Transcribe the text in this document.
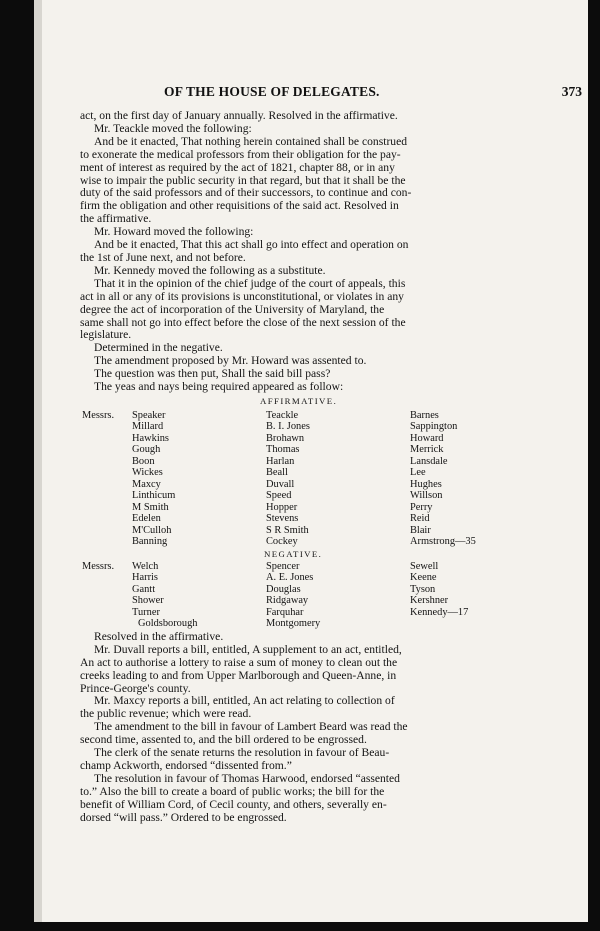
OF THE HOUSE OF DELEGATES.	373
act, on the first day of January annually. Resolved in the affirmative.
Mr. Teackle moved the following:
And be it enacted, That nothing herein contained shall be construed
to exonerate the medical professors from their obligation for the pay-
ment of interest as required by the act of 1821, chapter 88, or in any
wise to impair the public security in that regard, but that it shall be the
duty of the said professors and of their successors, to continue and con-
firm the obligation and other requisitions of the said act. Resolved in
the affirmative.
Mr. Howard moved the following:
And be it enacted, That this act shall go into effect and operation on
the 1st of June next, and not before.
Mr. Kennedy moved the following as a substitute.
That it in the opinion of the chief judge of the court of appeals, this
act in all or any of its provisions is unconstitutional, or violates in any
degree the act of incorporation of the University of Maryland, the
same shall not go into effect before the close of the next session of the
legislature.
Determined in the negative.
The amendment proposed by Mr. Howard was assented to.
The question was then put, Shall the said bill pass?
The yeas and nays being required appeared as follow:
AFFIRMATIVE.
Messrs. Speaker
Millard
Hawkins
Gough
Boon
Wickes
Maxcy
Linthicum
M Smith
Edelen
M'Culloh
Banning
Teackle
B. I. Jones
Brohawn
Thomas
Harlan
Beall
Duvall
Speed
Hopper
Stevens
S R Smith
Cockey
Barnes
Sappington
Howard
Merrick
Lansdale
Lee
Hughes
Willson
Perry
Reid
Blair
Armstrong—35
NEGATIVE.
Messrs. Welch
Harris
Gantt
Shower
Turner
Goldsborough
Spencer
A. E. Jones
Douglas
Ridgaway
Farquhar
Montgomery
Sewell
Keene
Tyson
Kershner
Kennedy—17
Resolved in the affirmative.
Mr. Duvall reports a bill, entitled, A supplement to an act, entitled,
An act to authorise a lottery to raise a sum of money to clean out the
creeks leading to and from Upper Marlborough and Queen-Anne, in
Prince-George's county.
Mr. Maxcy reports a bill, entitled, An act relating to collection of
the public revenue; which were read.
The amendment to the bill in favour of Lambert Beard was read the
second time, assented to, and the bill ordered to be engrossed.
The clerk of the senate returns the resolution in favour of Beau-
champ Ackworth, endorsed “dissented from.”
The resolution in favour of Thomas Harwood, endorsed “assented
to.” Also the bill to create a board of public works; the bill for the
benefit of William Cord, of Cecil county, and others, severally en-
dorsed “will pass.” Ordered to be engrossed.
